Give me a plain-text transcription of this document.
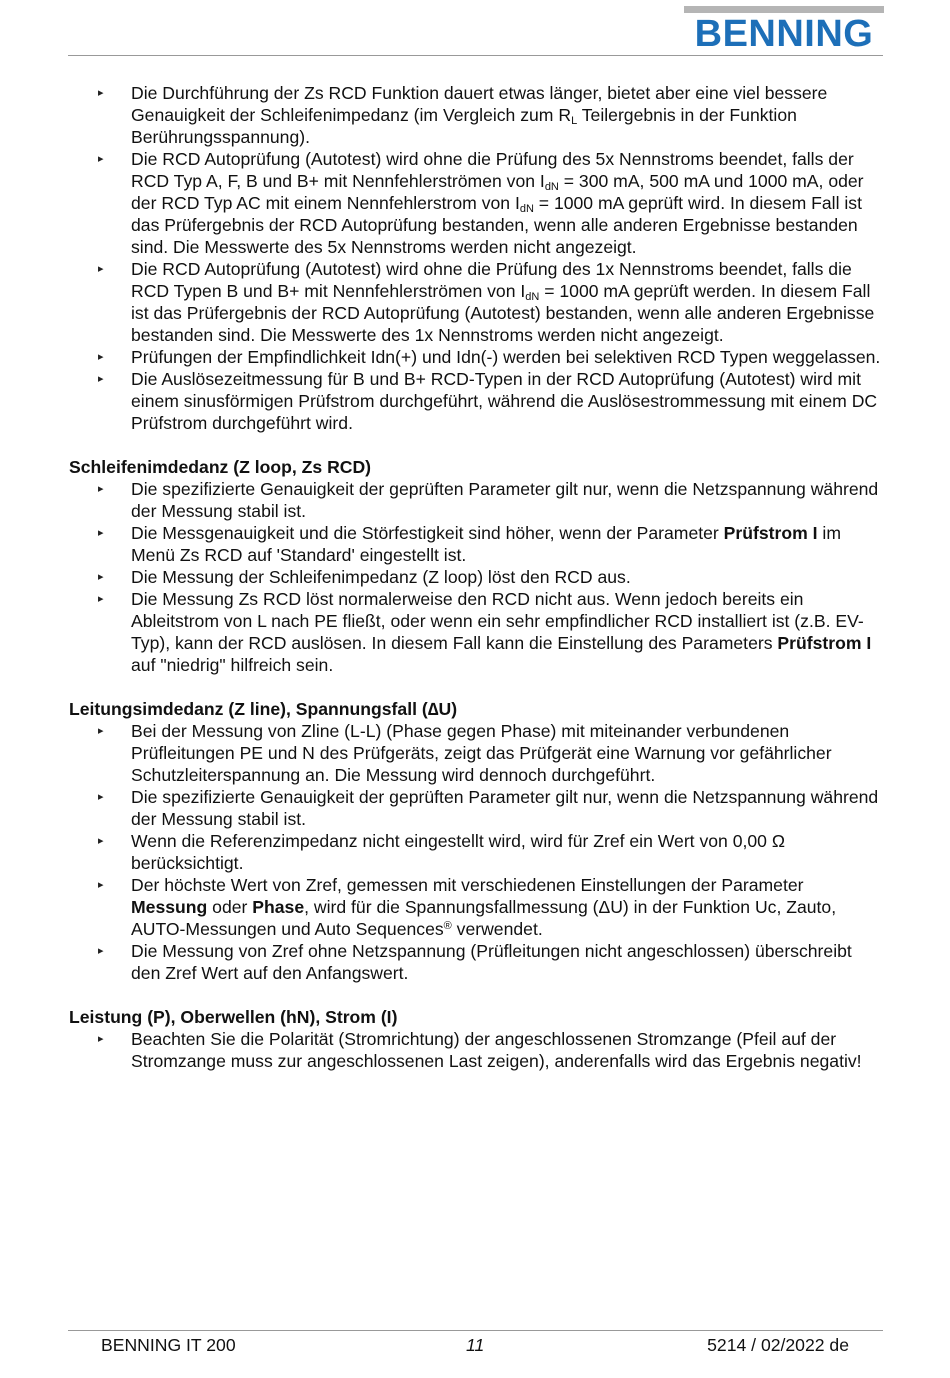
BENNING
▸ Die Durchführung der Zs RCD Funktion dauert etwas länger, bietet aber eine viel bessere Genauigkeit der Schleifenimpedanz (im Vergleich zum $R_L$ Teilergebnis in der Funktion Berührungsspannung).
▸ Die RCD Autoprüfung (Autotest) wird ohne die Prüfung des 5x Nennstroms beendet, falls der RCD Typ A, F, B und B+ mit Nennfehlerströmen von $I_{dN} = 300$ mA, 500 mA und 1000 mA, oder der RCD Typ AC mit einem Nennfehlerstrom von $I_{dN} = 1000$ mA geprüft wird. In diesem Fall ist das Prüfergebnis der RCD Autoprüfung bestanden, wenn alle anderen Ergebnisse bestanden sind. Die Messwerte des 5x Nennstroms werden nicht angezeigt.
▸ Die RCD Autoprüfung (Autotest) wird ohne die Prüfung des 1x Nennstroms beendet, falls die RCD Typen B und B+ mit Nennfehlerströmen von $I_{dN} = 1000$ mA geprüft werden. In diesem Fall ist das Prüfergebnis der RCD Autoprüfung (Autotest) bestanden, wenn alle anderen Ergebnisse bestanden sind. Die Messwerte des 1x Nennstroms werden nicht angezeigt.
▸ Prüfungen der Empfindlichkeit Idn(+) und Idn(-) werden bei selektiven RCD Typen weggelassen.
▸ Die Auslösezeitmessung für B und B+ RCD-Typen in der RCD Autoprüfung (Autotest) wird mit einem sinusförmigen Prüfstrom durchgeführt, während die Auslösestrommessung mit einem DC Prüfstrom durchgeführt wird.
Schleifenimdedanz (Z loop, Zs RCD)
▸ Die spezifizierte Genauigkeit der geprüften Parameter gilt nur, wenn die Netzspannung während der Messung stabil ist.
▸ Die Messgenauigkeit und die Störfestigkeit sind höher, wenn der Parameter Prüfstrom I im Menü Zs RCD auf 'Standard' eingestellt ist.
▸ Die Messung der Schleifenimpedanz (Z loop) löst den RCD aus.
▸ Die Messung Zs RCD löst normalerweise den RCD nicht aus. Wenn jedoch bereits ein Ableitstrom von L nach PE fließt, oder wenn ein sehr empfindlicher RCD installiert ist (z.B. EV-Typ), kann der RCD auslösen. In diesem Fall kann die Einstellung des Parameters Prüfstrom I auf "niedrig" hilfreich sein.
Leitungsimdedanz (Z line), Spannungsfall (∆U)
▸ Bei der Messung von Zline (L-L) (Phase gegen Phase) mit miteinander verbundenen Prüfleitungen PE und N des Prüfgeräts, zeigt das Prüfgerät eine Warnung vor gefährlicher Schutzleiterspannung an. Die Messung wird dennoch durchgeführt.
▸ Die spezifizierte Genauigkeit der geprüften Parameter gilt nur, wenn die Netzspannung während der Messung stabil ist.
▸ Wenn die Referenzimpedanz nicht eingestellt wird, wird für Zref ein Wert von 0,00 Ω berücksichtigt.
▸ Der höchste Wert von Zref, gemessen mit verschiedenen Einstellungen der Parameter Messung oder Phase, wird für die Spannungsfallmessung (ΔU) in der Funktion Uc, Zauto, AUTO-Messungen und Auto Sequences® verwendet.
▸ Die Messung von Zref ohne Netzspannung (Prüfleitungen nicht angeschlossen) überschreibt den Zref Wert auf den Anfangswert.
Leistung (P), Oberwellen (hN), Strom (I)
▸ Beachten Sie die Polarität (Stromrichtung) der angeschlossenen Stromzange (Pfeil auf der Stromzange muss zur angeschlossenen Last zeigen), anderenfalls wird das Ergebnis negativ!
BENNING IT 200	11	5214 / 02/2022 de
